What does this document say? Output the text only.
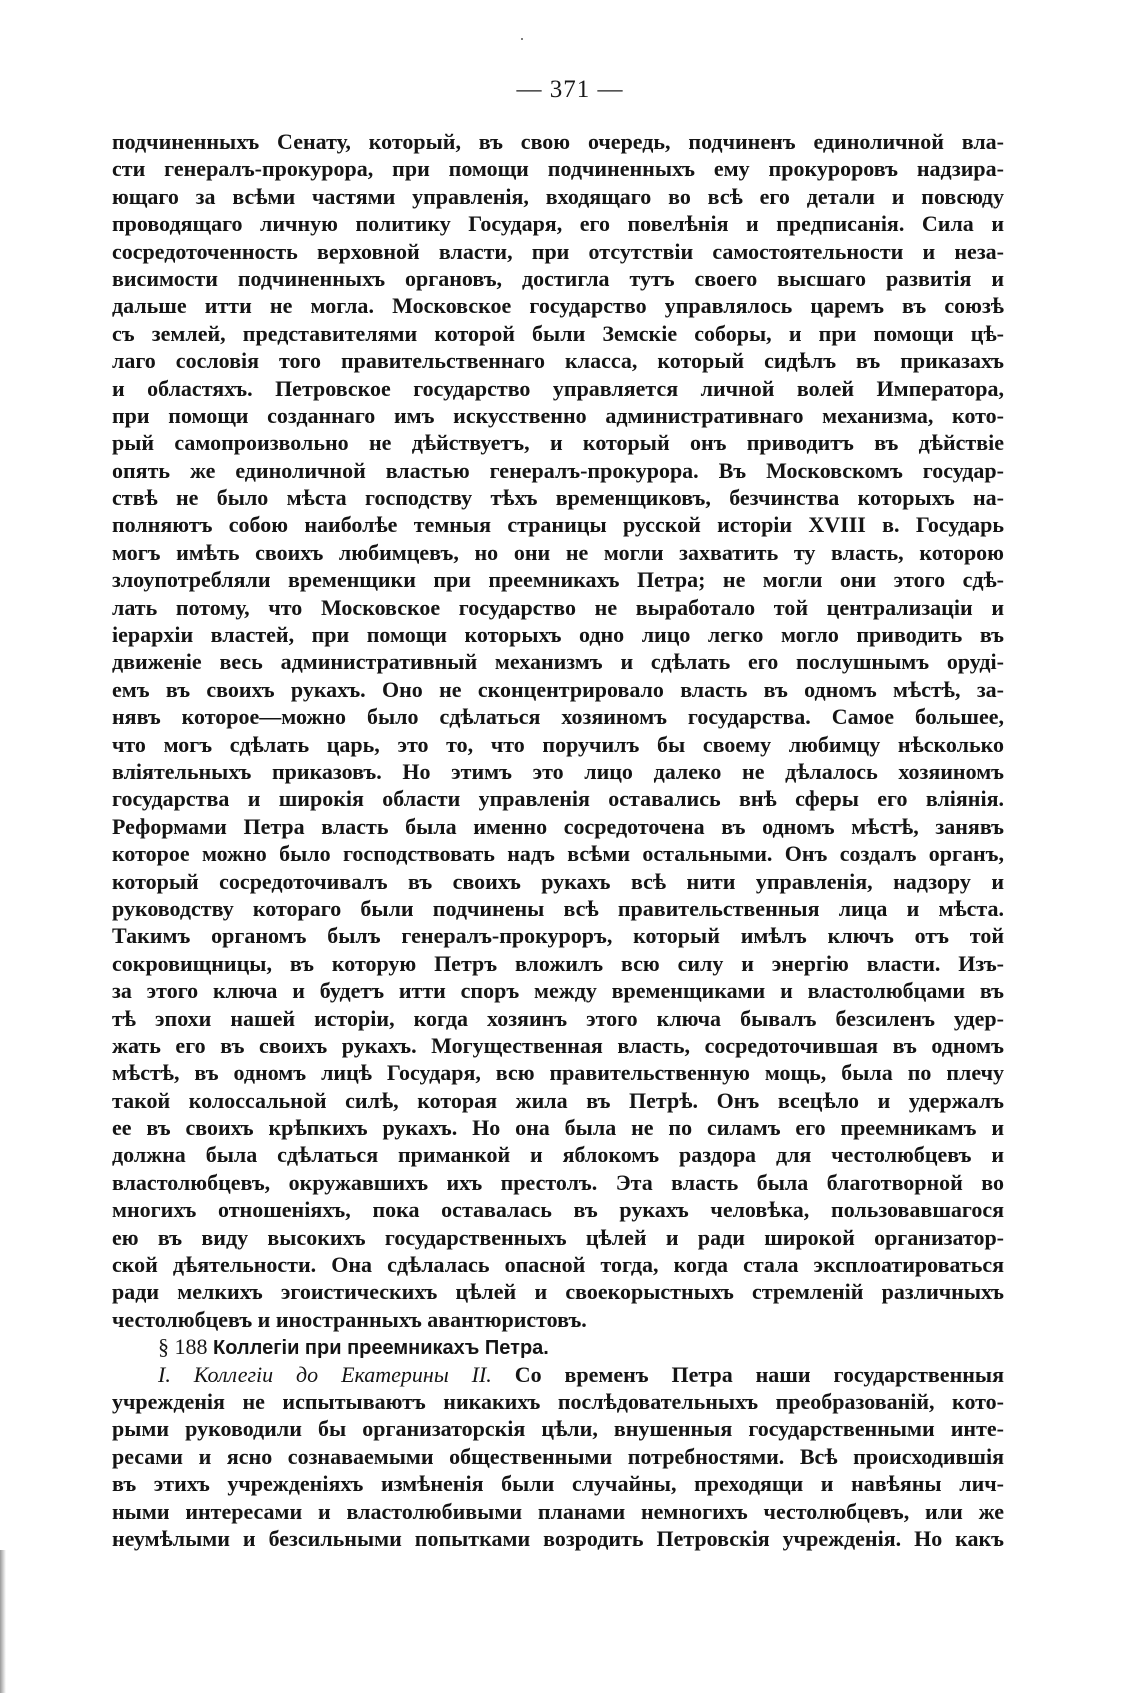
— 371 —
подчиненныхъ Сенату, который, въ свою очередь, подчиненъ единоличной вла-
сти генералъ-прокурора, при помощи подчиненныхъ ему прокуроровъ надзира-
ющаго за всѣми частями управленія, входящаго во всѣ его детали и повсюду
проводящаго личную политику Государя, его повелѣнія и предписанія. Сила и
сосредоточенность верховной власти, при отсутствіи самостоятельности и неза-
висимости подчиненныхъ органовъ, достигла тутъ своего высшаго развитія и
дальше итти не могла. Московское государство управлялось царемъ въ союзѣ
съ землей, представителями которой были Земскіе соборы, и при помощи цѣ-
лаго сословія того правительственнаго класса, который сидѣлъ въ приказахъ
и областяхъ. Петровское государство управляется личной волей Императора,
при помощи созданнаго имъ искусственно административнаго механизма, кото-
рый самопроизвольно не дѣйствуетъ, и который онъ приводитъ въ дѣйствіе
опять же единоличной властью генералъ-прокурора. Въ Московскомъ государ-
ствѣ не было мѣста господству тѣхъ временщиковъ, безчинства которыхъ на-
полняютъ собою наиболѣе темныя страницы русской исторіи XVIII в. Государь
могъ имѣть своихъ любимцевъ, но они не могли захватить ту власть, которою
злоупотребляли временщики при преемникахъ Петра; не могли они этого сдѣ-
лать потому, что Московское государство не выработало той централизаціи и
іерархіи властей, при помощи которыхъ одно лицо легко могло приводить въ
движеніе весь административный механизмъ и сдѣлать его послушнымъ оруді-
емъ въ своихъ рукахъ. Оно не сконцентрировало власть въ одномъ мѣстѣ, за-
нявъ которое—можно было сдѣлаться хозяиномъ государства. Самое большее,
что могъ сдѣлать царь, это то, что поручилъ бы своему любимцу нѣсколько
вліятельныхъ приказовъ. Но этимъ это лицо далеко не дѣлалось хозяиномъ
государства и широкія области управленія оставались внѣ сферы его вліянія.
Реформами Петра власть была именно сосредоточена въ одномъ мѣстѣ, занявъ
которое можно было господствовать надъ всѣми остальными. Онъ создалъ органъ,
который сосредоточивалъ въ своихъ рукахъ всѣ нити управленія, надзору и
руководству котораго были подчинены всѣ правительственныя лица и мѣста.
Такимъ органомъ былъ генералъ-прокуроръ, который имѣлъ ключъ отъ той
сокровищницы, въ которую Петръ вложилъ всю силу и энергію власти. Изъ-
за этого ключа и будетъ итти споръ между временщиками и властолюбцами въ
тѣ эпохи нашей исторіи, когда хозяинъ этого ключа бывалъ безсиленъ удер-
жать его въ своихъ рукахъ. Могущественная власть, сосредоточившая въ одномъ
мѣстѣ, въ одномъ лицѣ Государя, всю правительственную мощь, была по плечу
такой колоссальной силѣ, которая жила въ Петрѣ. Онъ всецѣло и удержалъ
ее въ своихъ крѣпкихъ рукахъ. Но она была не по силамъ его преемникамъ и
должна была сдѣлаться приманкой и яблокомъ раздора для честолюбцевъ и
властолюбцевъ, окружавшихъ ихъ престолъ. Эта власть была благотворной во
многихъ отношеніяхъ, пока оставалась въ рукахъ человѣка, пользовавшагося
ею въ виду высокихъ государственныхъ цѣлей и ради широкой организатор-
ской дѣятельности. Она сдѣлалась опасной тогда, когда стала эксплоатироваться
ради мелкихъ эгоистическихъ цѣлей и своекорыстныхъ стремленій различныхъ
честолюбцевъ и иностранныхъ авантюристовъ.
§ 188 Коллегіи при преемникахъ Петра.
I. Коллегіи до Екатерины II. Со временъ Петра наши государственныя
учрежденія не испытываютъ никакихъ послѣдовательныхъ преобразованій, кото-
рыми руководили бы организаторскія цѣли, внушенныя государственными инте-
ресами и ясно сознаваемыми общественными потребностями. Всѣ происходившія
въ этихъ учрежденіяхъ измѣненія были случайны, преходящи и навѣяны лич-
ными интересами и властолюбивыми планами немногихъ честолюбцевъ, или же
неумѣлыми и безсильными попытками возродить Петровскія учрежденія. Но какъ
